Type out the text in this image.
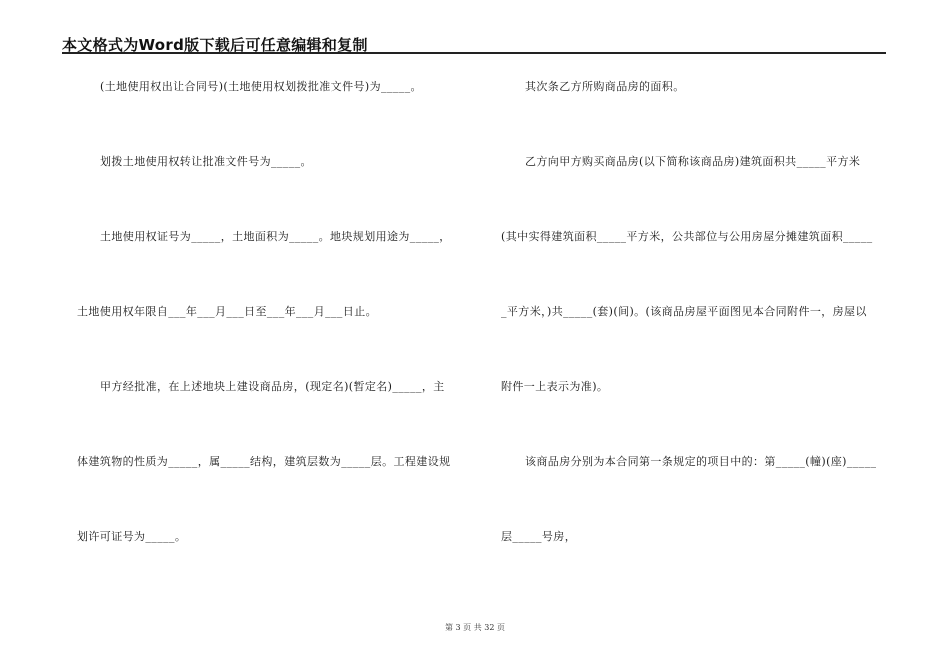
本文格式为Word版下载后可任意编辑和复制
(土地使用权出让合同号)(土地使用权划拨批准文件号)为_____。
划拨土地使用权转让批准文件号为_____。
土地使用权证号为_____，土地面积为_____。地块规划用途为_____，
土地使用权年限自___年___月___日至___年___月___日止。
甲方经批准，在上述地块上建设商品房，(现定名)(暂定名)_____，主
体建筑物的性质为_____，属_____结构，建筑层数为_____层。工程建设规
划许可证号为_____。
其次条乙方所购商品房的面积。
乙方向甲方购买商品房(以下简称该商品房)建筑面积共_____平方米
(其中实得建筑面积_____平方米，公共部位与公用房屋分摊建筑面积_____
_平方米，)共_____(套)(间)。(该商品房屋平面图见本合同附件一，房屋以
附件一上表示为准)。
该商品房分别为本合同第一条规定的项目中的：第_____(幢)(座)_____
层_____号房，
第 3 页 共 32 页
